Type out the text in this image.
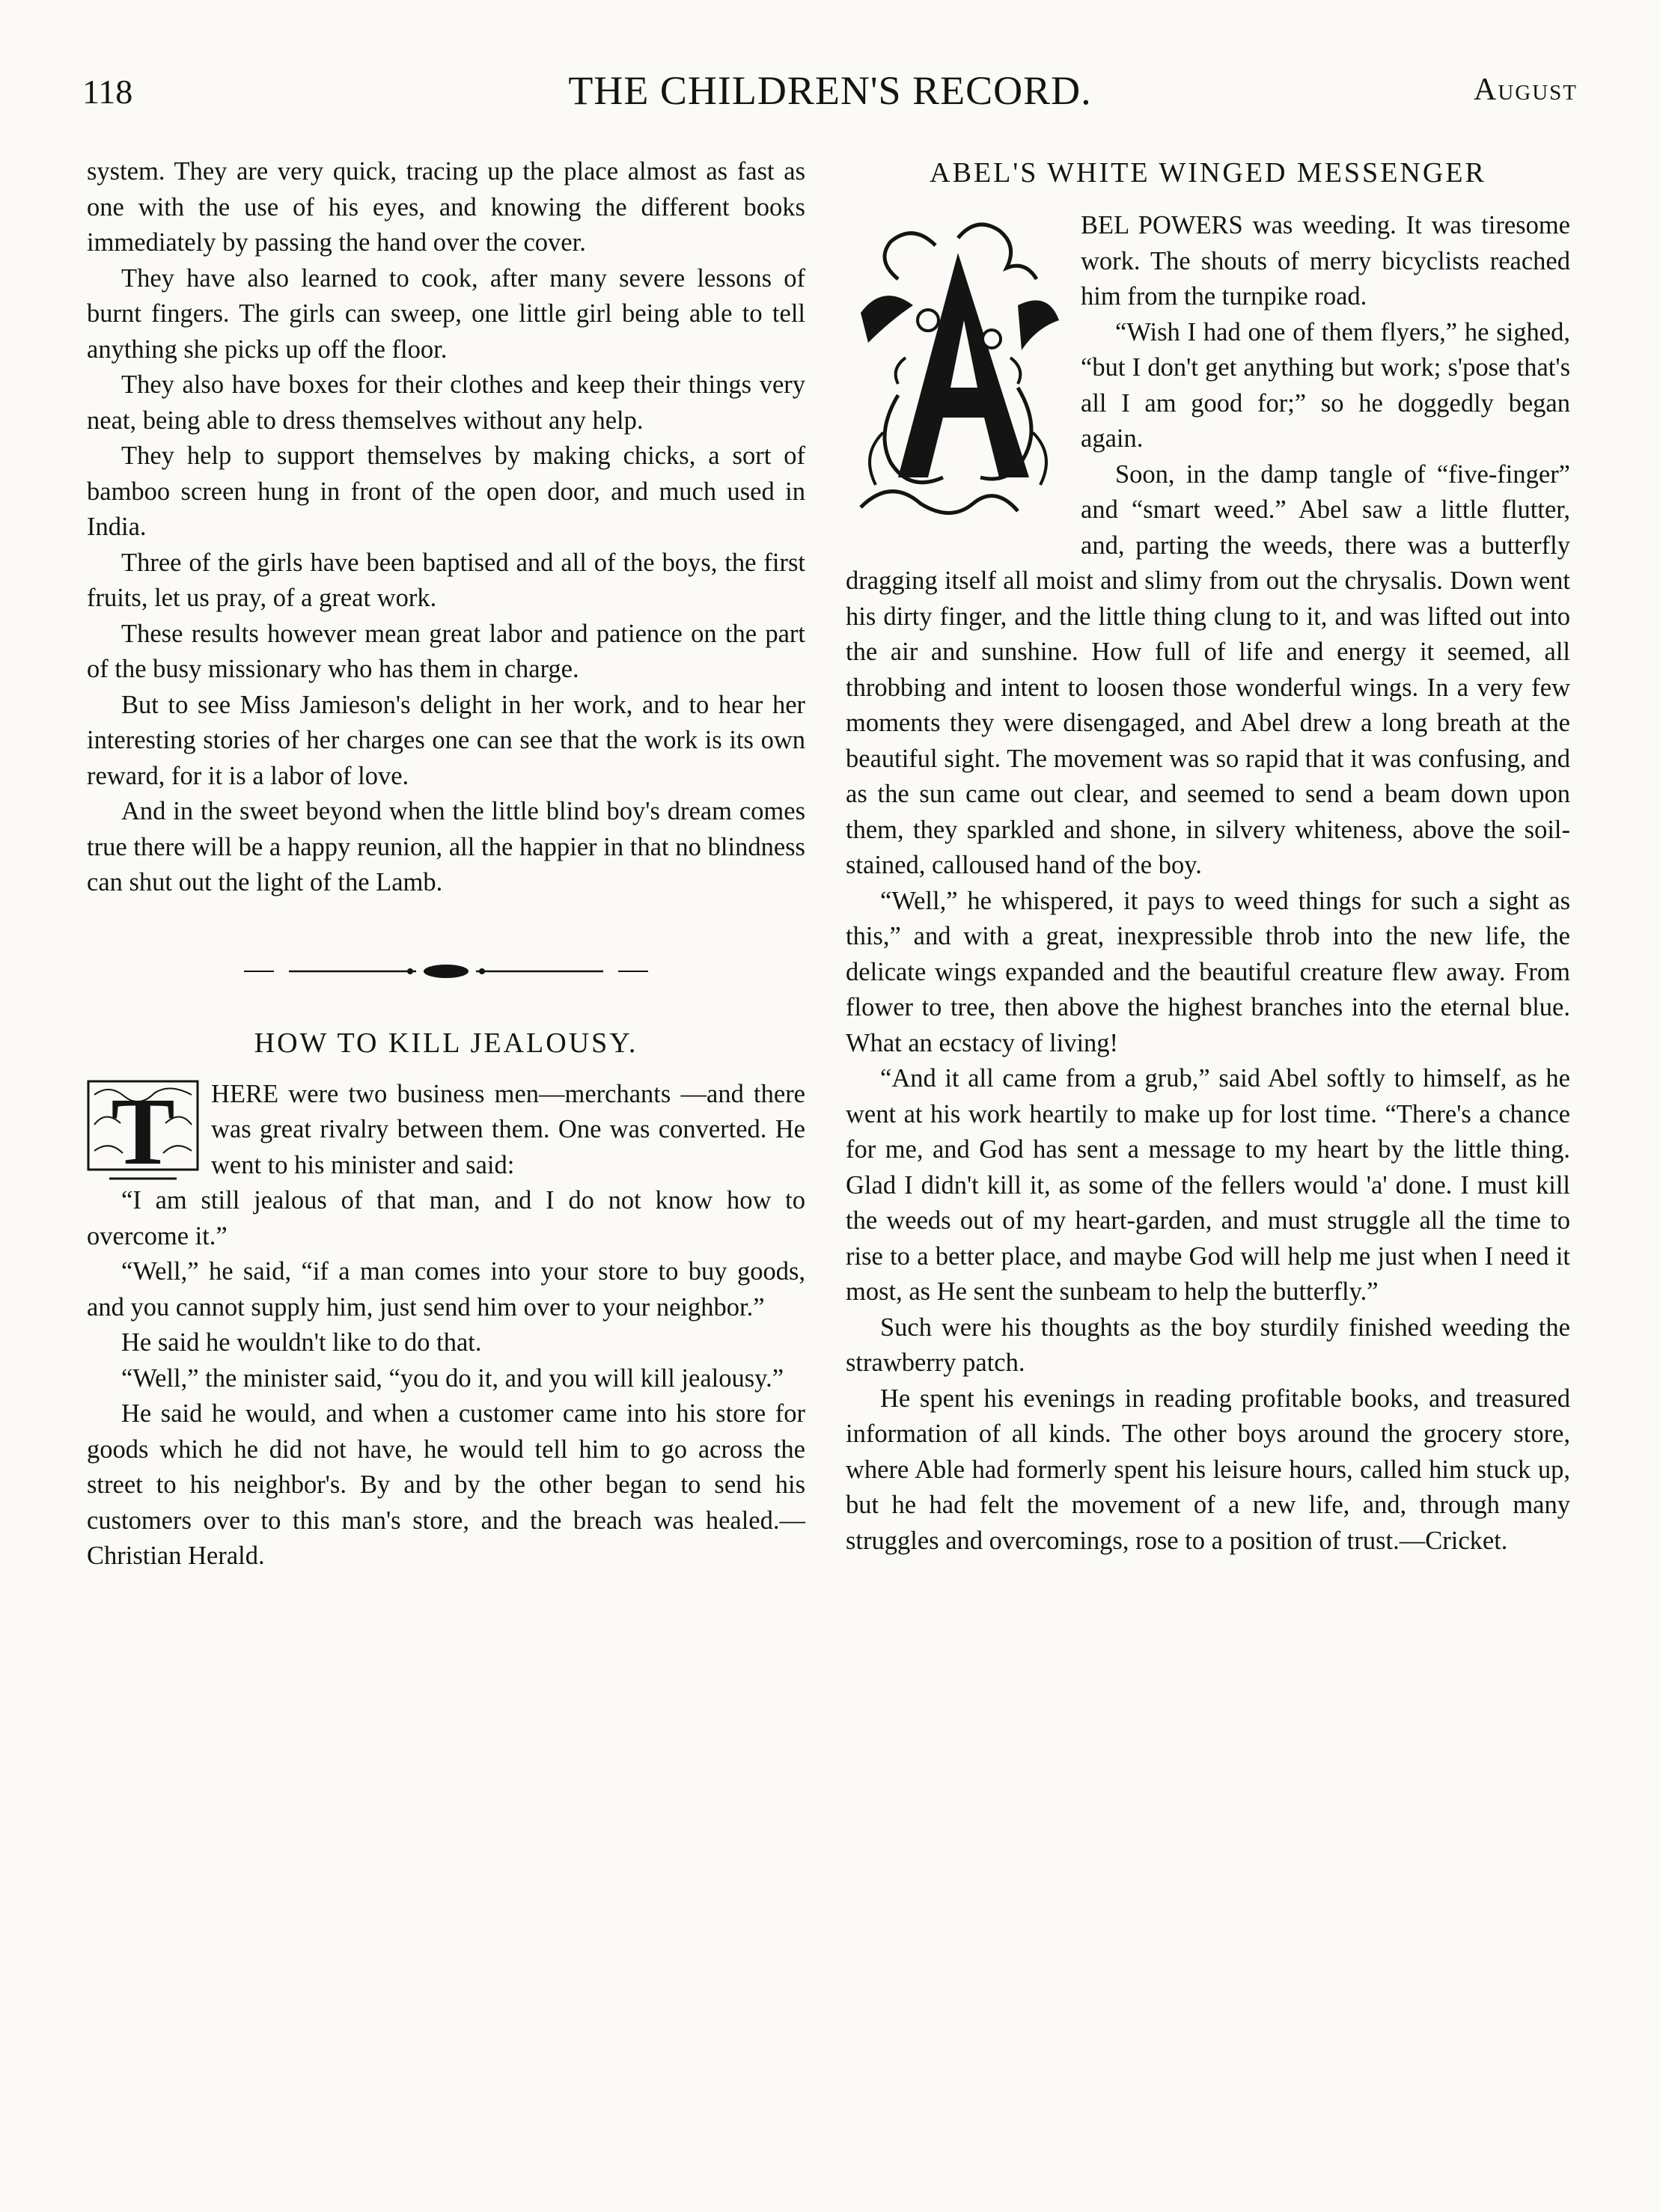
118	THE CHILDREN'S RECORD.	August

system. They are very quick, tracing up the place almost as fast as one with the use of his eyes, and knowing the different books immediately by passing the hand over the cover.

They have also learned to cook, after many severe lessons of burnt fingers. The girls can sweep, one little girl being able to tell anything she picks up off the floor.

They also have boxes for their clothes and keep their things very neat, being able to dress themselves without any help.

They help to support themselves by making chicks, a sort of bamboo screen hung in front of the open door, and much used in India.

Three of the girls have been baptised and all of the boys, the first fruits, let us pray, of a great work.

These results however mean great labor and patience on the part of the busy missionary who has them in charge.

But to see Miss Jamieson's delight in her work, and to hear her interesting stories of her charges one can see that the work is its own reward, for it is a labor of love.

And in the sweet beyond when the little blind boy's dream comes true there will be a happy reunion, all the happier in that no blindness can shut out the light of the Lamb.

HOW TO KILL JEALOUSY.
T	HERE were two business men—merchants —and there was great rivalry between them. One was converted. He went to his minister and said:

“I am still jealous of that man, and I do not know how to overcome it.”

“Well,” he said, “if a man comes into your store to buy goods, and you cannot supply him, just send him over to your neighbor.”

He said he wouldn't like to do that.

“Well,” the minister said, “you do it, and you will kill jealousy.”

He said he would, and when a customer came into his store for goods which he did not have, he would tell him to go across the street to his neighbor's. By and by the other began to send his customers over to this man's store, and the breach was healed.—Christian Herald.

ABEL'S WHITE WINGED MESSENGER
A

BEL POWERS was weeding. It was tiresome work. The shouts of merry bicyclists reached him from the turnpike road.

“Wish I had one of them flyers,” he sighed, “but I don't get anything but work; s'pose that's all I am good for;” so he doggedly began again.

Soon, in the damp tangle of “five-finger” and “smart weed.” Abel saw a little flutter, and, parting the weeds, there was a butterfly dragging itself all moist and slimy from out the chrysalis. Down went his dirty finger, and the little thing clung to it, and was lifted out into the air and sunshine. How full of life and energy it seemed, all throbbing and intent to loosen those wonderful wings. In a very few moments they were disengaged, and Abel drew a long breath at the beautiful sight. The movement was so rapid that it was confusing, and as the sun came out clear, and seemed to send a beam down upon them, they sparkled and shone, in silvery whiteness, above the soil-stained, calloused hand of the boy.

“Well,” he whispered, it pays to weed things for such a sight as this,” and with a great, inexpressible throb into the new life, the delicate wings expanded and the beautiful creature flew away. From flower to tree, then above the highest branches into the eternal blue. What an ecstacy of living!

“And it all came from a grub,” said Abel softly to himself, as he went at his work heartily to make up for lost time. “There's a chance for me, and God has sent a message to my heart by the little thing. Glad I didn't kill it, as some of the fellers would 'a' done. I must kill the weeds out of my heart-garden, and must struggle all the time to rise to a better place, and maybe God will help me just when I need it most, as He sent the sunbeam to help the butterfly.”

Such were his thoughts as the boy sturdily finished weeding the strawberry patch.

He spent his evenings in reading profitable books, and treasured information of all kinds. The other boys around the grocery store, where Able had formerly spent his leisure hours, called him stuck up, but he had felt the movement of a new life, and, through many struggles and overcomings, rose to a position of trust.—Cricket.
